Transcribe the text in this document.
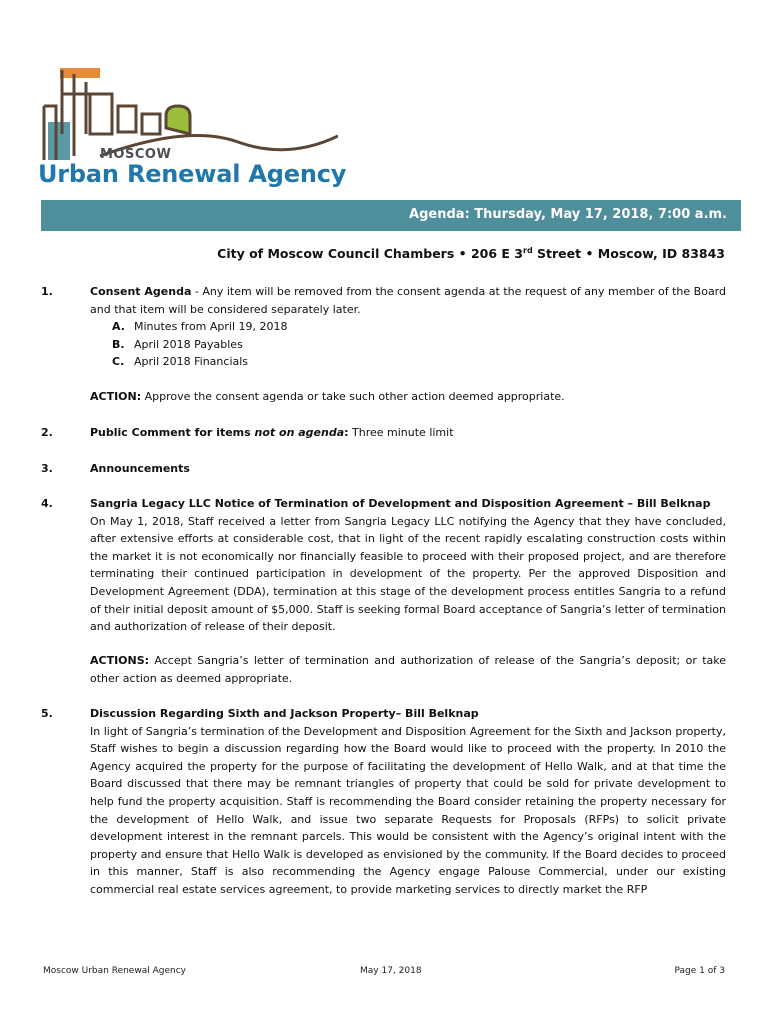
MOSCOW
Urban Renewal Agency
Agenda: Thursday, May 17, 2018, 7:00 a.m.
City of Moscow Council Chambers • 206 E 3rd Street • Moscow, ID 83843
1.	Consent Agenda - Any item will be removed from the consent agenda at the request of any member of the Board and that item will be considered separately later.
A. Minutes from April 19, 2018
B. April 2018 Payables
C. April 2018 Financials
ACTION: Approve the consent agenda or take such other action deemed appropriate.
2.	Public Comment for items not on agenda: Three minute limit
3.	Announcements
4.	Sangria Legacy LLC Notice of Termination of Development and Disposition Agreement – Bill Belknap
On May 1, 2018, Staff received a letter from Sangria Legacy LLC notifying the Agency that they have concluded, after extensive efforts at considerable cost, that in light of the recent rapidly escalating construction costs within the market it is not economically nor financially feasible to proceed with their proposed project, and are therefore terminating their continued participation in development of the property. Per the approved Disposition and Development Agreement (DDA), termination at this stage of the development process entitles Sangria to a refund of their initial deposit amount of $5,000. Staff is seeking formal Board acceptance of Sangria’s letter of termination and authorization of release of their deposit.
ACTIONS: Accept Sangria’s letter of termination and authorization of release of the Sangria’s deposit; or take other action as deemed appropriate.
5.	Discussion Regarding Sixth and Jackson Property– Bill Belknap
In light of Sangria’s termination of the Development and Disposition Agreement for the Sixth and Jackson property, Staff wishes to begin a discussion regarding how the Board would like to proceed with the property. In 2010 the Agency acquired the property for the purpose of facilitating the development of Hello Walk, and at that time the Board discussed that there may be remnant triangles of property that could be sold for private development to help fund the property acquisition. Staff is recommending the Board consider retaining the property necessary for the development of Hello Walk, and issue two separate Requests for Proposals (RFPs) to solicit private development interest in the remnant parcels. This would be consistent with the Agency’s original intent with the property and ensure that Hello Walk is developed as envisioned by the community. If the Board decides to proceed in this manner, Staff is also recommending the Agency engage Palouse Commercial, under our existing commercial real estate services agreement, to provide marketing services to directly market the RFP
Moscow Urban Renewal Agency	May 17, 2018	Page 1 of 3
